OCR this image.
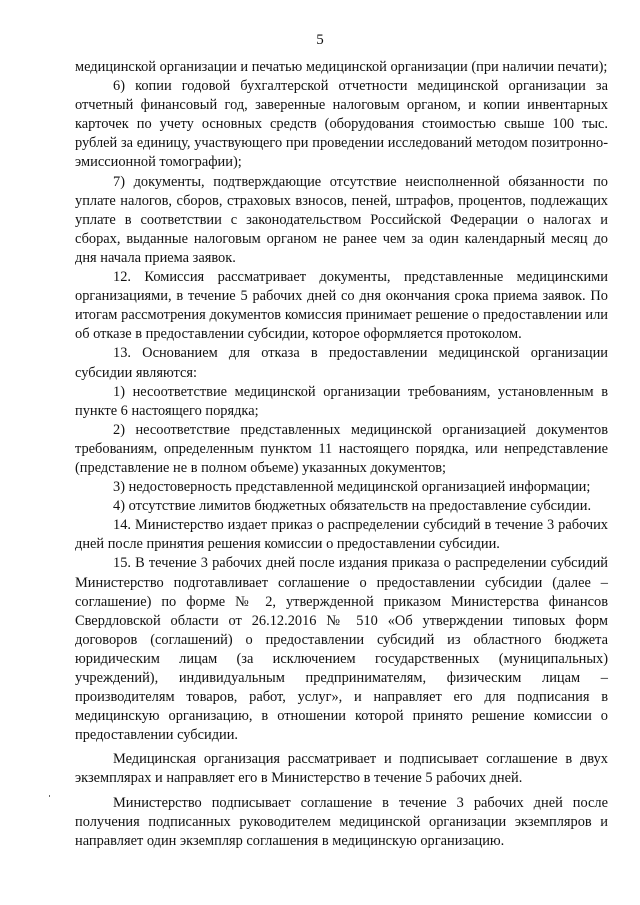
5

медицинской организации и печатью медицинской организации (при наличии печати);

6) копии годовой бухгалтерской отчетности медицинской организации за отчетный финансовый год, заверенные налоговым органом, и копии инвентарных карточек по учету основных средств (оборудования стоимостью свыше 100 тыс. рублей за единицу, участвующего при проведении исследований методом позитронно-эмиссионной томографии);

7) документы, подтверждающие отсутствие неисполненной обязанности по уплате налогов, сборов, страховых взносов, пеней, штрафов, процентов, подлежащих уплате в соответствии с законодательством Российской Федерации о налогах и сборах, выданные налоговым органом не ранее чем за один календарный месяц до дня начала приема заявок.

12. Комиссия рассматривает документы, представленные медицинскими организациями, в течение 5 рабочих дней со дня окончания срока приема заявок. По итогам рассмотрения документов комиссия принимает решение о предоставлении или об отказе в предоставлении субсидии, которое оформляется протоколом.

13. Основанием для отказа в предоставлении медицинской организации субсидии являются:

1) несоответствие медицинской организации требованиям, установленным в пункте 6 настоящего порядка;

2) несоответствие представленных медицинской организацией документов требованиям, определенным пунктом 11 настоящего порядка, или непредставление (представление не в полном объеме) указанных документов;

3) недостоверность представленной медицинской организацией информации;

4) отсутствие лимитов бюджетных обязательств на предоставление субсидии.

14. Министерство издает приказ о распределении субсидий в течение 3 рабочих дней после принятия решения комиссии о предоставлении субсидии.

15. В течение 3 рабочих дней после издания приказа о распределении субсидий Министерство подготавливает соглашение о предоставлении субсидии (далее – соглашение) по форме № 2, утвержденной приказом Министерства финансов Свердловской области от 26.12.2016 № 510 «Об утверждении типовых форм договоров (соглашений) о предоставлении субсидий из областного бюджета юридическим лицам (за исключением государственных (муниципальных) учреждений), индивидуальным предпринимателям, физическим лицам – производителям товаров, работ, услуг», и направляет его для подписания в медицинскую организацию, в отношении которой принято решение комиссии о предоставлении субсидии.

Медицинская организация рассматривает и подписывает соглашение в двух экземплярах и направляет его в Министерство в течение 5 рабочих дней.

Министерство подписывает соглашение в течение 3 рабочих дней после получения подписанных руководителем медицинской организации экземпляров и направляет один экземпляр соглашения в медицинскую организацию.
